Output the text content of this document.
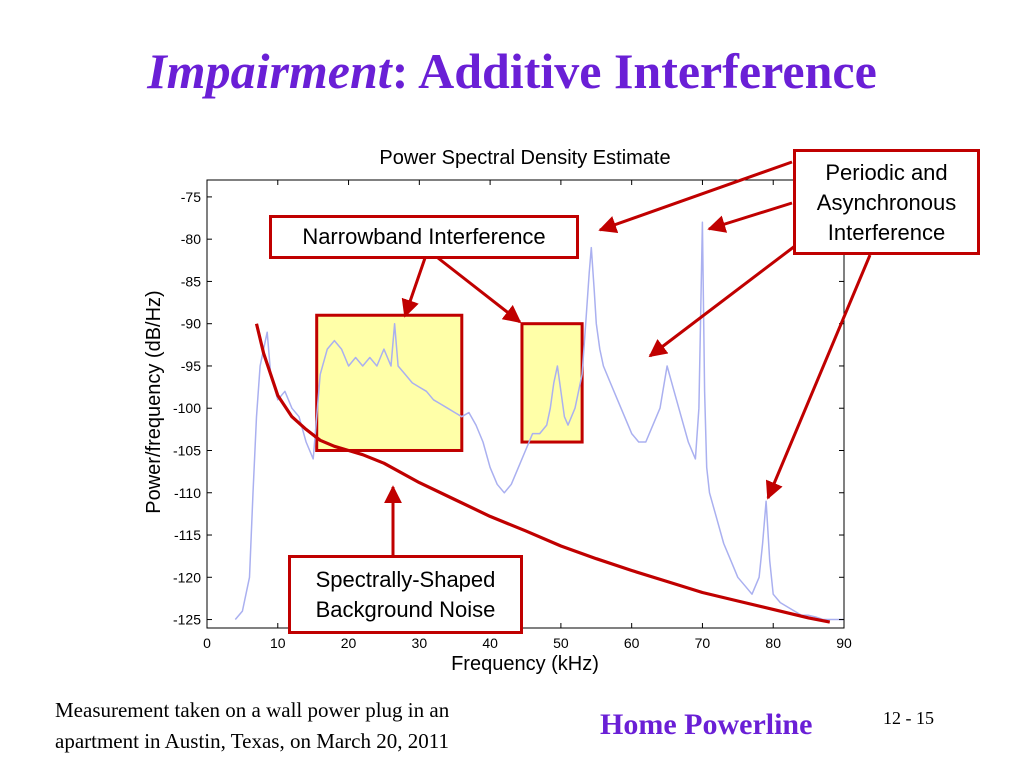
Impairment: Additive Interference
0	10	20	30	40	50	60	70	80	90
-75
-80
-85
-90
-95
-100
-105
-110
-115
-120
-125
Power Spectral Density Estimate
Frequency (kHz)
Power/frequency (dB/Hz)
Narrowband Interference
Periodic and
Asynchronous
Interference
Spectrally-Shaped
Background Noise
Measurement taken on a wall power plug in an
apartment in Austin, Texas, on March 20, 2011	Home Powerline	12 - 15
